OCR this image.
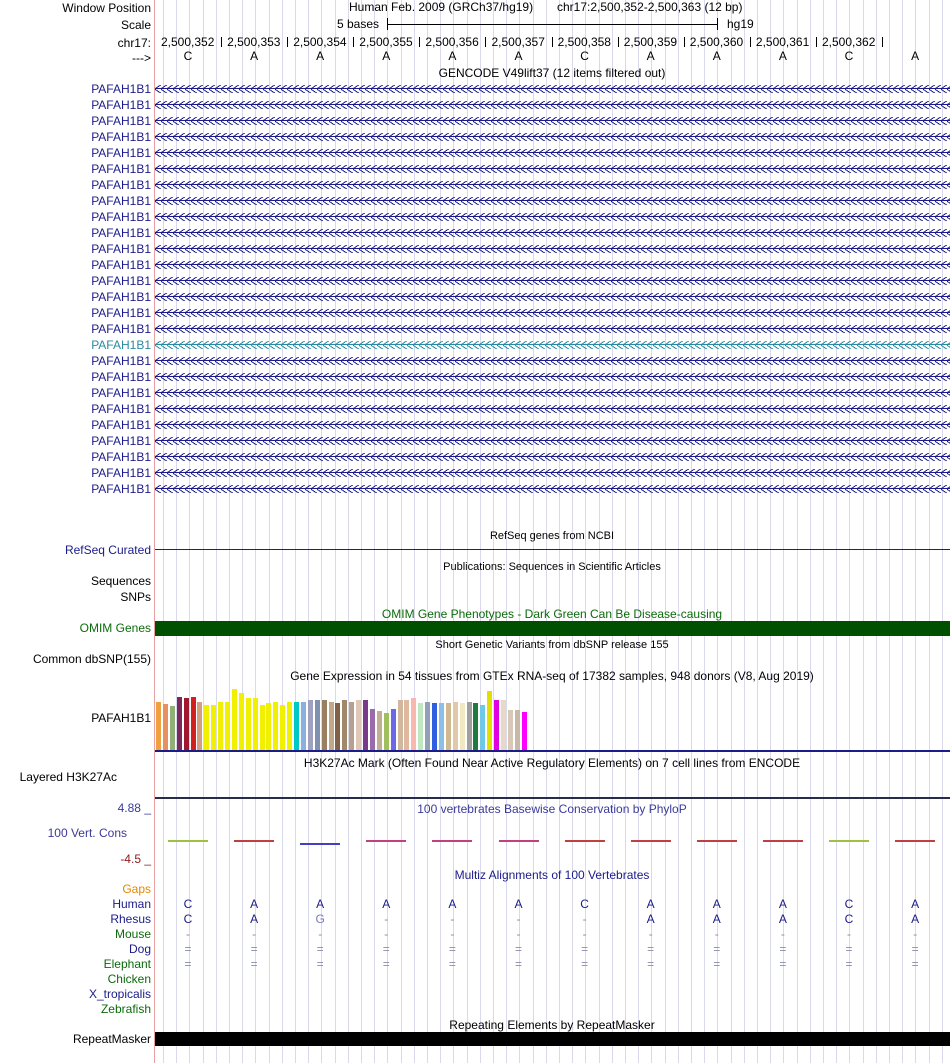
Window Position
Scale
chr17:
--->
PAFAH1B1
PAFAH1B1
PAFAH1B1
PAFAH1B1
PAFAH1B1
PAFAH1B1
PAFAH1B1
PAFAH1B1
PAFAH1B1
PAFAH1B1
PAFAH1B1
PAFAH1B1
PAFAH1B1
PAFAH1B1
PAFAH1B1
PAFAH1B1
PAFAH1B1
PAFAH1B1
PAFAH1B1
PAFAH1B1
PAFAH1B1
PAFAH1B1
PAFAH1B1
PAFAH1B1
PAFAH1B1
PAFAH1B1
RefSeq Curated
Sequences
SNPs
OMIM Genes
Common dbSNP(155)
PAFAH1B1
Layered H3K27Ac
4.88 _
100 Vert. Cons
-4.5 _
Gaps
Human
Rhesus
Mouse
Dog
Elephant
Chicken
X_tropicalis
Zebrafish
RepeatMasker
Human Feb. 2009 (GRCh37/hg19) chr17:2,500,352-2,500,363 (12 bp)
5 bases	hg19
2,500,352 2,500,353 2,500,354 2,500,355 2,500,356 2,500,357 2,500,358 2,500,359 2,500,360 2,500,361 2,500,362
C	A	A	A	A	A	C	A	A	A	C	A
GENCODE V49lift37 (12 items filtered out)
RefSeq genes from NCBI
Publications: Sequences in Scientific Articles
OMIM Gene Phenotypes - Dark Green Can Be Disease-causing
Short Genetic Variants from dbSNP release 155
Gene Expression in 54 tissues from GTEx RNA-seq of 17382 samples, 948 donors (V8, Aug 2019)
H3K27Ac Mark (Often Found Near Active Regulatory Elements) on 7 cell lines from ENCODE
100 vertebrates Basewise Conservation by PhyloP
Multiz Alignments of 100 Vertebrates
C	A	A	A	A	A	C	A	A	A	C	A
C	A	G	-	-	-	-	A	A	A	C	A
-	-	-	-	-	-	-	-	-	-	-	-
=	=	=	=	=	=	=	=	=	=	=	=
=	=	=	=	=	=	=	=	=	=	=	=
Repeating Elements by RepeatMasker
